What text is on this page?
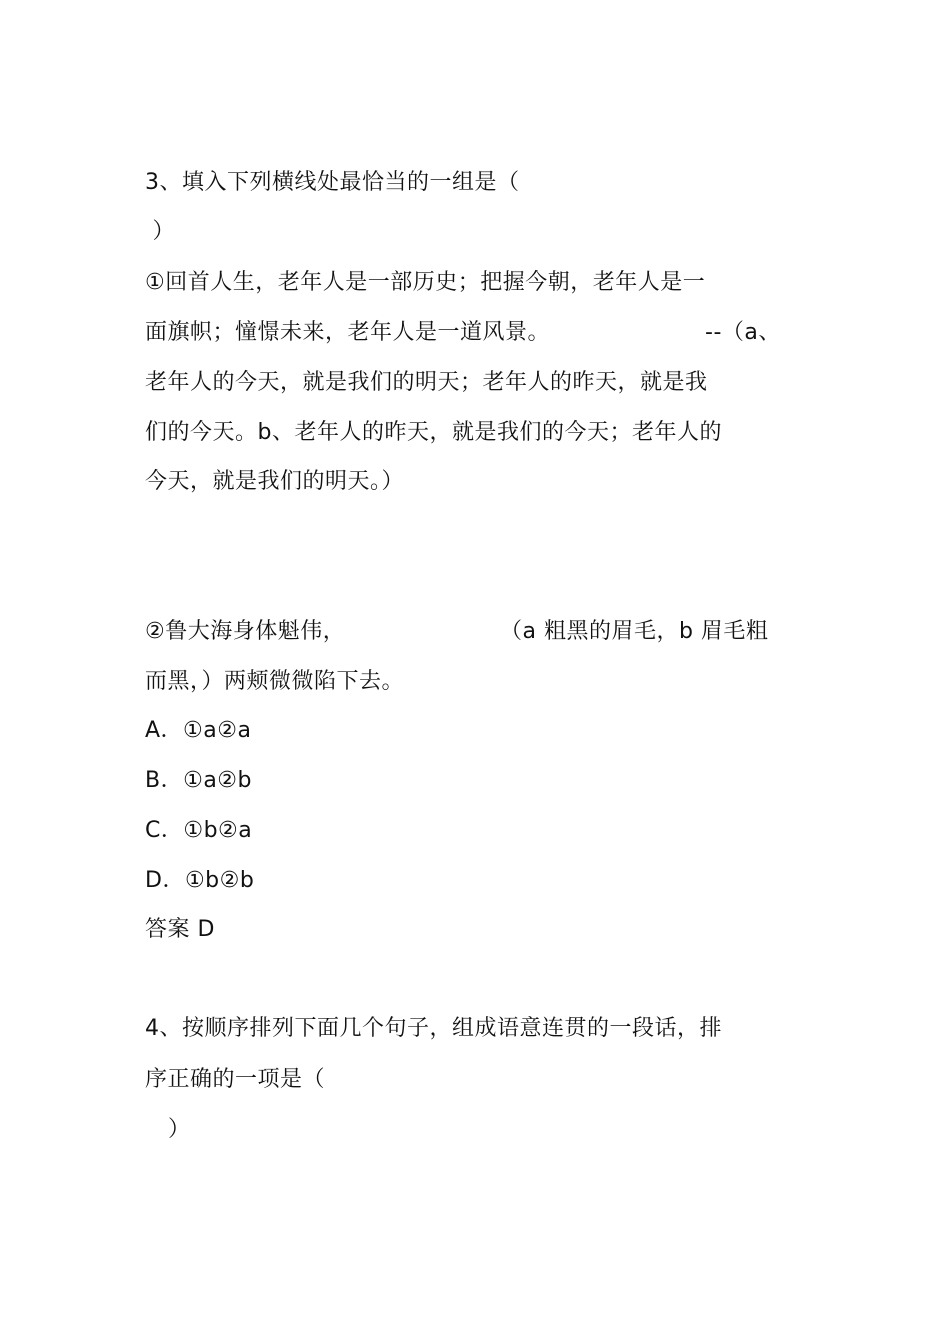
3、填入下列横线处最恰当的一组是（
）
①回首人生，老年人是一部历史；把握今朝，老年人是一
面旗帜；憧憬未来，老年人是一道风景。	--（a、
老年人的今天，就是我们的明天；老年人的昨天，就是我
们的今天。b、老年人的昨天，就是我们的今天；老年人的
今天，就是我们的明天。）
②鲁大海身体魁伟，	（a 粗黑的眉毛，b 眉毛粗
而黑，）两颊微微陷下去。
A．①a②a
B．①a②b
C．①b②a
D．①b②b
答案 D
4、按顺序排列下面几个句子，组成语意连贯的一段话，排
序正确的一项是（
）
